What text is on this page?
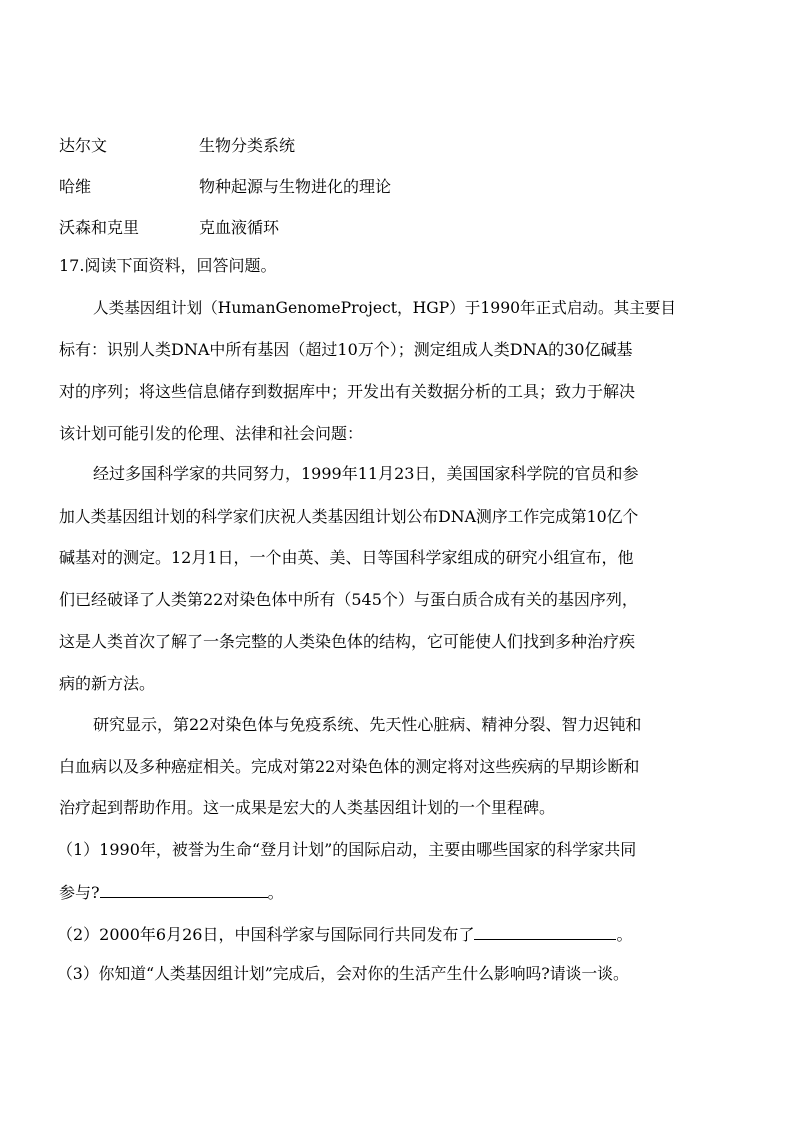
达尔文	生物分类系统
哈维	物种起源与生物进化的理论
沃森和克里	克血液循环
17.阅读下面资料，回答问题。
人类基因组计划（HumanGenomeProject，HGP）于1990年正式启动。其主要目
标有：识别人类DNA中所有基因（超过10万个）；测定组成人类DNA的30亿碱基
对的序列；将这些信息储存到数据库中；开发出有关数据分析的工具；致力于解决
该计划可能引发的伦理、法律和社会问题：
经过多国科学家的共同努力，1999年11月23日，美国国家科学院的官员和参
加人类基因组计划的科学家们庆祝人类基因组计划公布DNA测序工作完成第10亿个
碱基对的测定。12月1日，一个由英、美、日等国科学家组成的研究小组宣布，他
们已经破译了人类第22对染色体中所有（545个）与蛋白质合成有关的基因序列，
这是人类首次了解了一条完整的人类染色体的结构，它可能使人们找到多种治疗疾
病的新方法。
研究显示，第22对染色体与免疫系统、先天性心脏病、精神分裂、智力迟钝和
白血病以及多种癌症相关。完成对第22对染色体的测定将对这些疾病的早期诊断和
治疗起到帮助作用。这一成果是宏大的人类基因组计划的一个里程碑。
（1）1990年，被誉为生命“登月计划”的国际启动，主要由哪些国家的科学家共同
参与?	。
（2）2000年6月26日，中国科学家与国际同行共同发布了	。
（3）你知道“人类基因组计划”完成后，会对你的生活产生什么影响吗?请谈一谈。
